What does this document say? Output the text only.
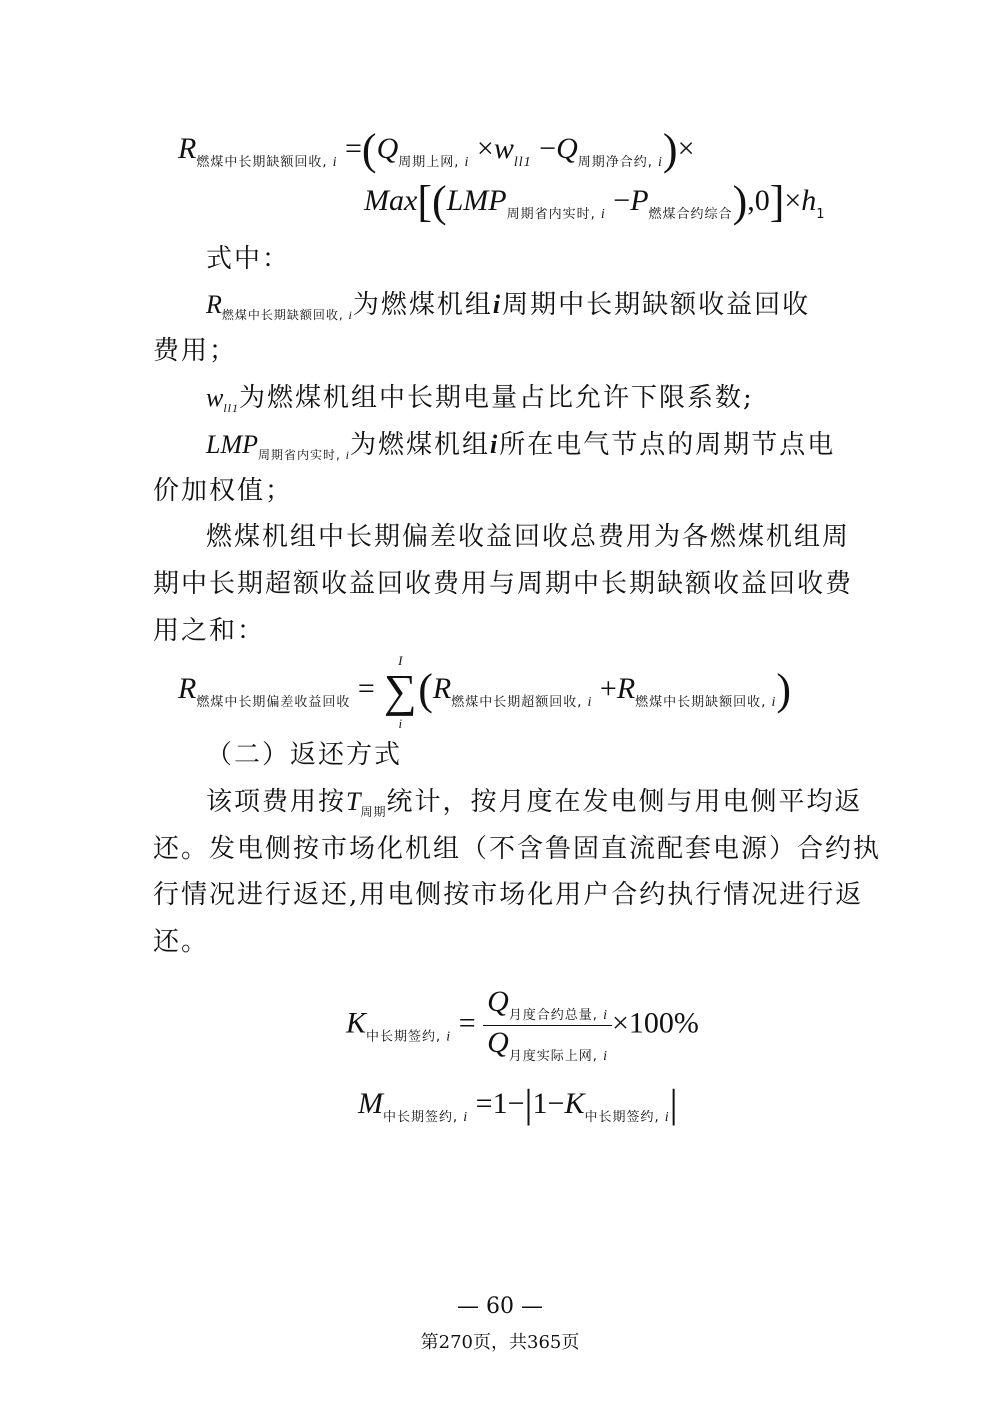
$R_{燃煤中长期缺额回收, i} =(Q_{周期上网, i} \times w_{ll1} -Q_{周期净合约, i})\times$
$Max[(LMP_{周期省内实时, i} -P_{燃煤合约综合}),0]\times h_1$
式中：
$R_{燃煤中长期缺额回收, i}$为燃煤机组i周期中长期缺额收益回收
费用；
$w_{ll1}$为燃煤机组中长期电量占比允许下限系数;
$LMP_{周期省内实时, i}$为燃煤机组i所在电气节点的周期节点电
价加权值；
燃煤机组中长期偏差收益回收总费用为各燃煤机组周
期中长期超额收益回收费用与周期中长期缺额收益回收费
用之和：
$R_{燃煤中长期偏差收益回收}$ =
I
∑
i
$(R_{燃煤中长期超额回收, i} +R_{燃煤中长期缺额回收, i})$
（二）返还方式
该项费用按$T_{周期}$统计，按月度在发电侧与用电侧平均返
还。发电侧按市场化机组（不含鲁固直流配套电源）合约执
行情况进行返还,用电侧按市场化用户合约执行情况进行返
还。
$K_{中长期签约, i} = \frac{Q_{月度合约总量, i}}{Q_{月度实际上网, i}} \times 100\%$
$M_{中长期签约, i} =1-|1-K_{中长期签约, i}|$
— 60 —
第270页，共365页
